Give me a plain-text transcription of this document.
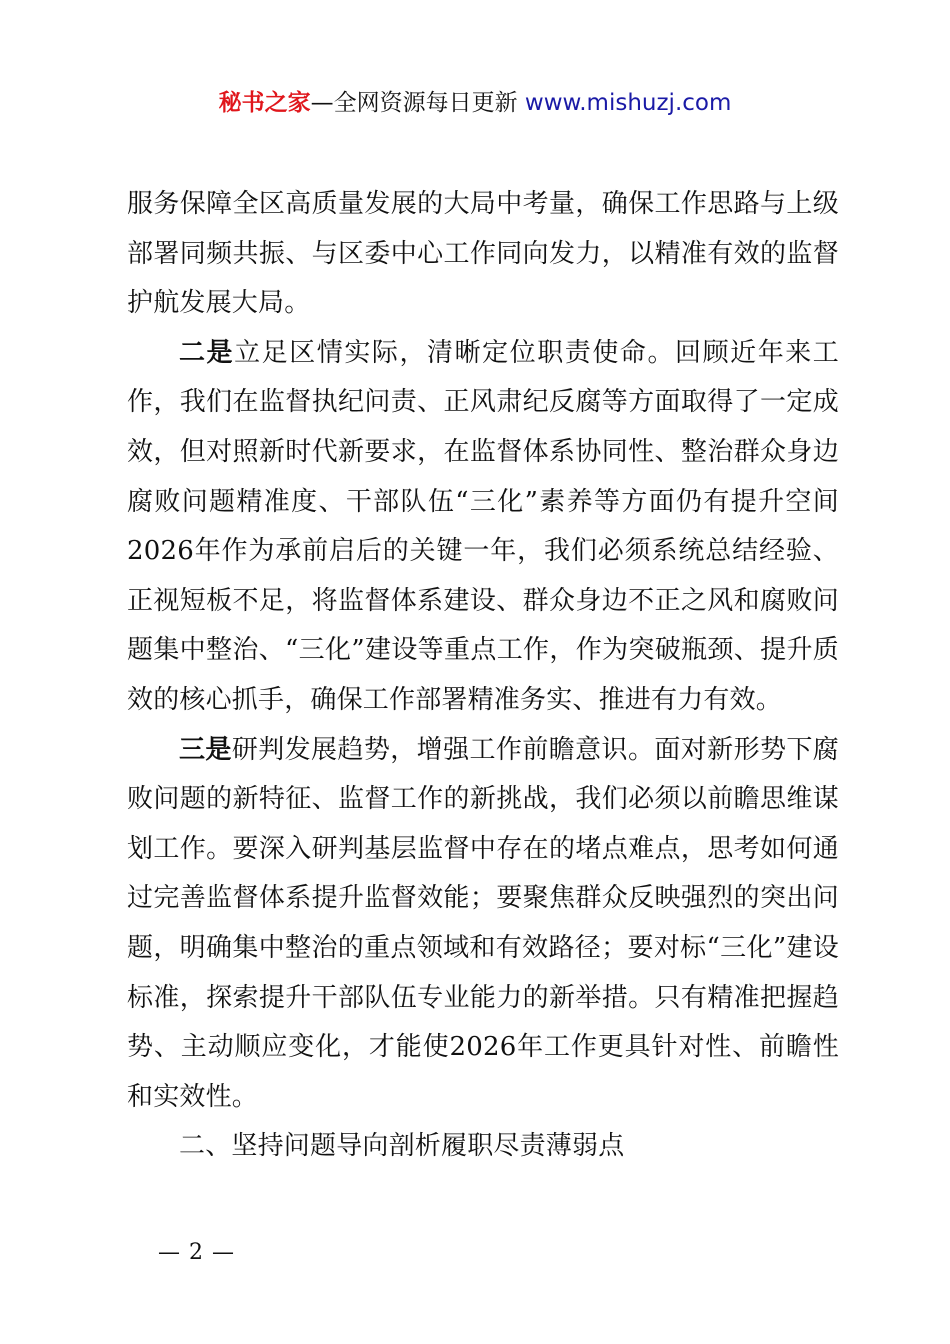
秘书之家—全网资源每日更新 www.mishuzj.com

服务保障全区高质量发展的大局中考量，确保工作思路与上级部署同频共振、与区委中心工作同向发力，以精准有效的监督护航发展大局。

二是立足区情实际，清晰定位职责使命。回顾近年来工作，我们在监督执纪问责、正风肃纪反腐等方面取得了一定成效，但对照新时代新要求，在监督体系协同性、整治群众身边腐败问题精准度、干部队伍“三化”素养等方面仍有提升空间2026年作为承前启后的关键一年，我们必须系统总结经验、正视短板不足，将监督体系建设、群众身边不正之风和腐败问题集中整治、“三化”建设等重点工作，作为突破瓶颈、提升质效的核心抓手，确保工作部署精准务实、推进有力有效。

三是研判发展趋势，增强工作前瞻意识。面对新形势下腐败问题的新特征、监督工作的新挑战，我们必须以前瞻思维谋划工作。要深入研判基层监督中存在的堵点难点，思考如何通过完善监督体系提升监督效能；要聚焦群众反映强烈的突出问题，明确集中整治的重点领域和有效路径；要对标“三化”建设标准，探索提升干部队伍专业能力的新举措。只有精准把握趋势、主动顺应变化，才能使2026年工作更具针对性、前瞻性和实效性。

二、坚持问题导向剖析履职尽责薄弱点

— 2 —
